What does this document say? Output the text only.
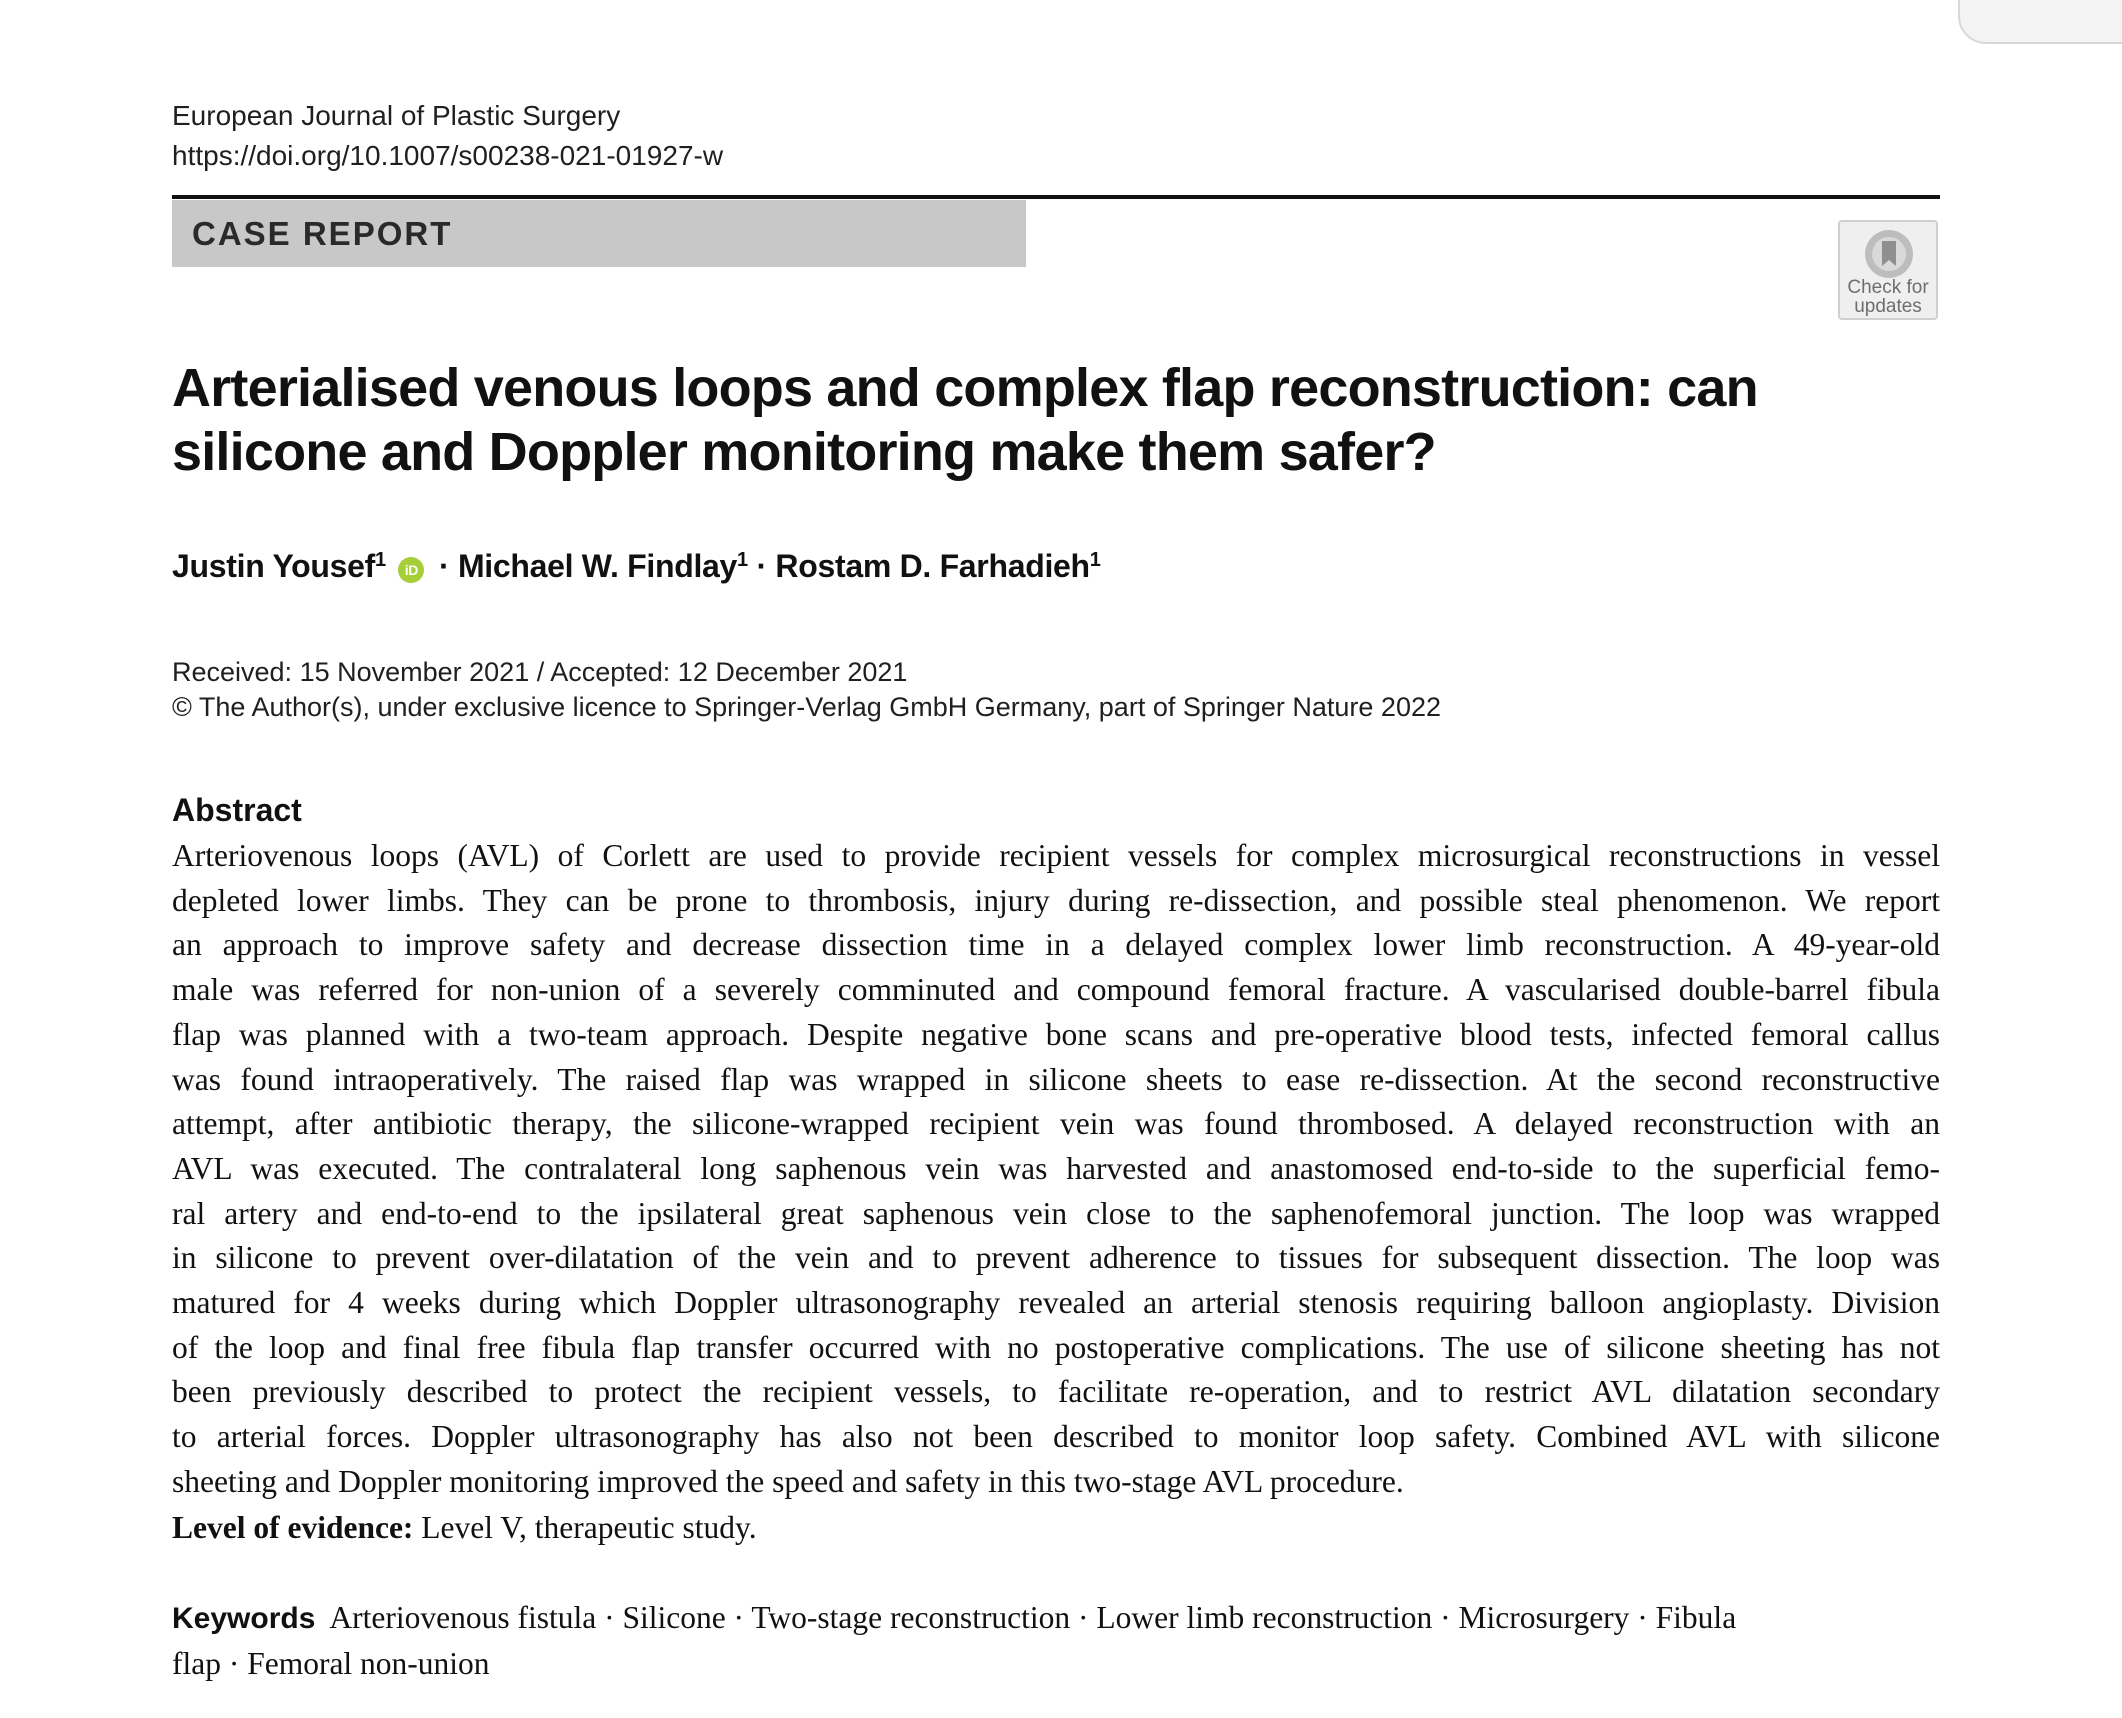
European Journal of Plastic Surgery
https://doi.org/10.1007/s00238-021-01927-w
CASE REPORT
Check for updates
Arterialised venous loops and complex flap reconstruction: can
silicone and Doppler monitoring make them safer?
Justin Yousef$^1$ iD · Michael W. Findlay$^1$ · Rostam D. Farhadieh$^1$
Received: 15 November 2021 / Accepted: 12 December 2021
© The Author(s), under exclusive licence to Springer-Verlag GmbH Germany, part of Springer Nature 2022
Abstract
Arteriovenous loops (AVL) of Corlett are used to provide recipient vessels for complex microsurgical reconstructions in vessel
depleted lower limbs. They can be prone to thrombosis, injury during re-dissection, and possible steal phenomenon. We report
an approach to improve safety and decrease dissection time in a delayed complex lower limb reconstruction. A 49-year-old
male was referred for non-union of a severely comminuted and compound femoral fracture. A vascularised double-barrel fibula
flap was planned with a two-team approach. Despite negative bone scans and pre-operative blood tests, infected femoral callus
was found intraoperatively. The raised flap was wrapped in silicone sheets to ease re-dissection. At the second reconstructive
attempt, after antibiotic therapy, the silicone-wrapped recipient vein was found thrombosed. A delayed reconstruction with an
AVL was executed. The contralateral long saphenous vein was harvested and anastomosed end-to-side to the superficial femo-
ral artery and end-to-end to the ipsilateral great saphenous vein close to the saphenofemoral junction. The loop was wrapped
in silicone to prevent over-dilatation of the vein and to prevent adherence to tissues for subsequent dissection. The loop was
matured for 4 weeks during which Doppler ultrasonography revealed an arterial stenosis requiring balloon angioplasty. Division
of the loop and final free fibula flap transfer occurred with no postoperative complications. The use of silicone sheeting has not
been previously described to protect the recipient vessels, to facilitate re-operation, and to restrict AVL dilatation secondary
to arterial forces. Doppler ultrasonography has also not been described to monitor loop safety. Combined AVL with silicone
sheeting and Doppler monitoring improved the speed and safety in this two-stage AVL procedure.
Level of evidence: Level V, therapeutic study.
Keywords Arteriovenous fistula · Silicone · Two-stage reconstruction · Lower limb reconstruction · Microsurgery · Fibula
flap · Femoral non-union
